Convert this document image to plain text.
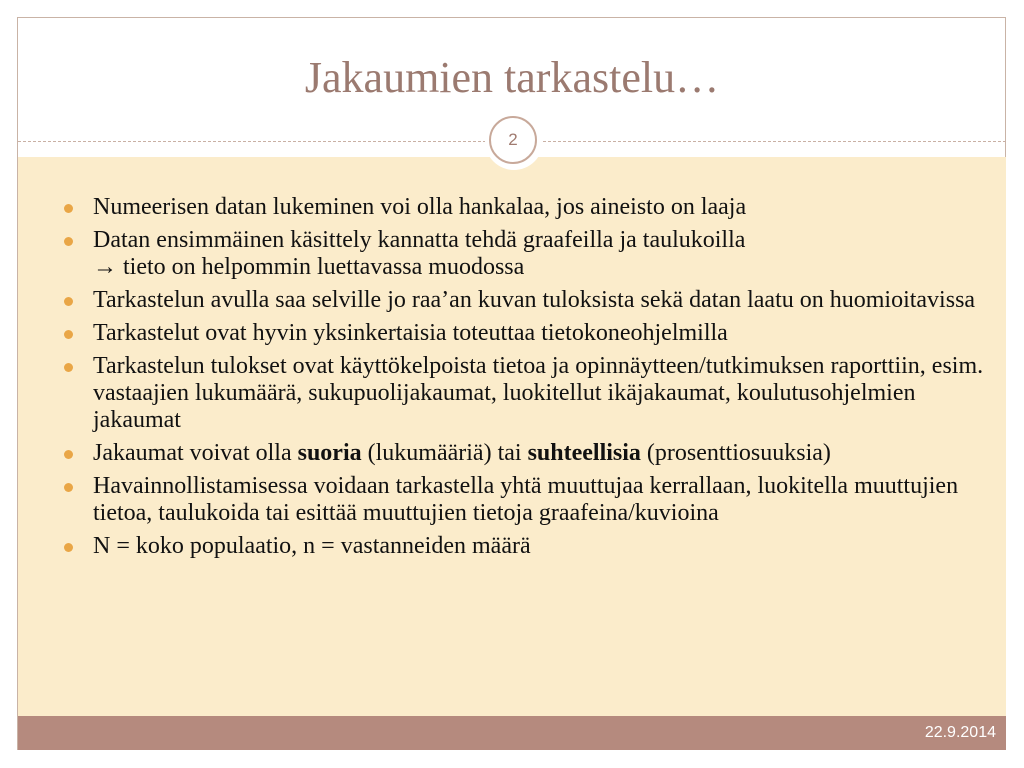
Jakaumien tarkastelu…
2
Numeerisen datan lukeminen voi olla hankalaa, jos aineisto on laaja
Datan ensimmäinen käsittely kannatta tehdä graafeilla ja taulukoilla
→ tieto on helpommin luettavassa muodossa
Tarkastelun avulla saa selville jo raa’an kuvan tuloksista sekä datan laatu on huomioitavissa
Tarkastelut ovat hyvin yksinkertaisia toteuttaa tietokoneohjelmilla
Tarkastelun tulokset ovat käyttökelpoista tietoa ja opinnäytteen/tutkimuksen raporttiin, esim. vastaajien lukumäärä, sukupuolijakaumat, luokitellut ikäjakaumat, koulutusohjelmien jakaumat
Jakaumat voivat olla suoria (lukumääriä) tai suhteellisia (prosenttiosuuksia)
Havainnollistamisessa voidaan tarkastella yhtä muuttujaa kerrallaan, luokitella muuttujien tietoa, taulukoida tai esittää muuttujien tietoja graafeina/kuvioina
N = koko populaatio, n = vastanneiden määrä
22.9.2014
